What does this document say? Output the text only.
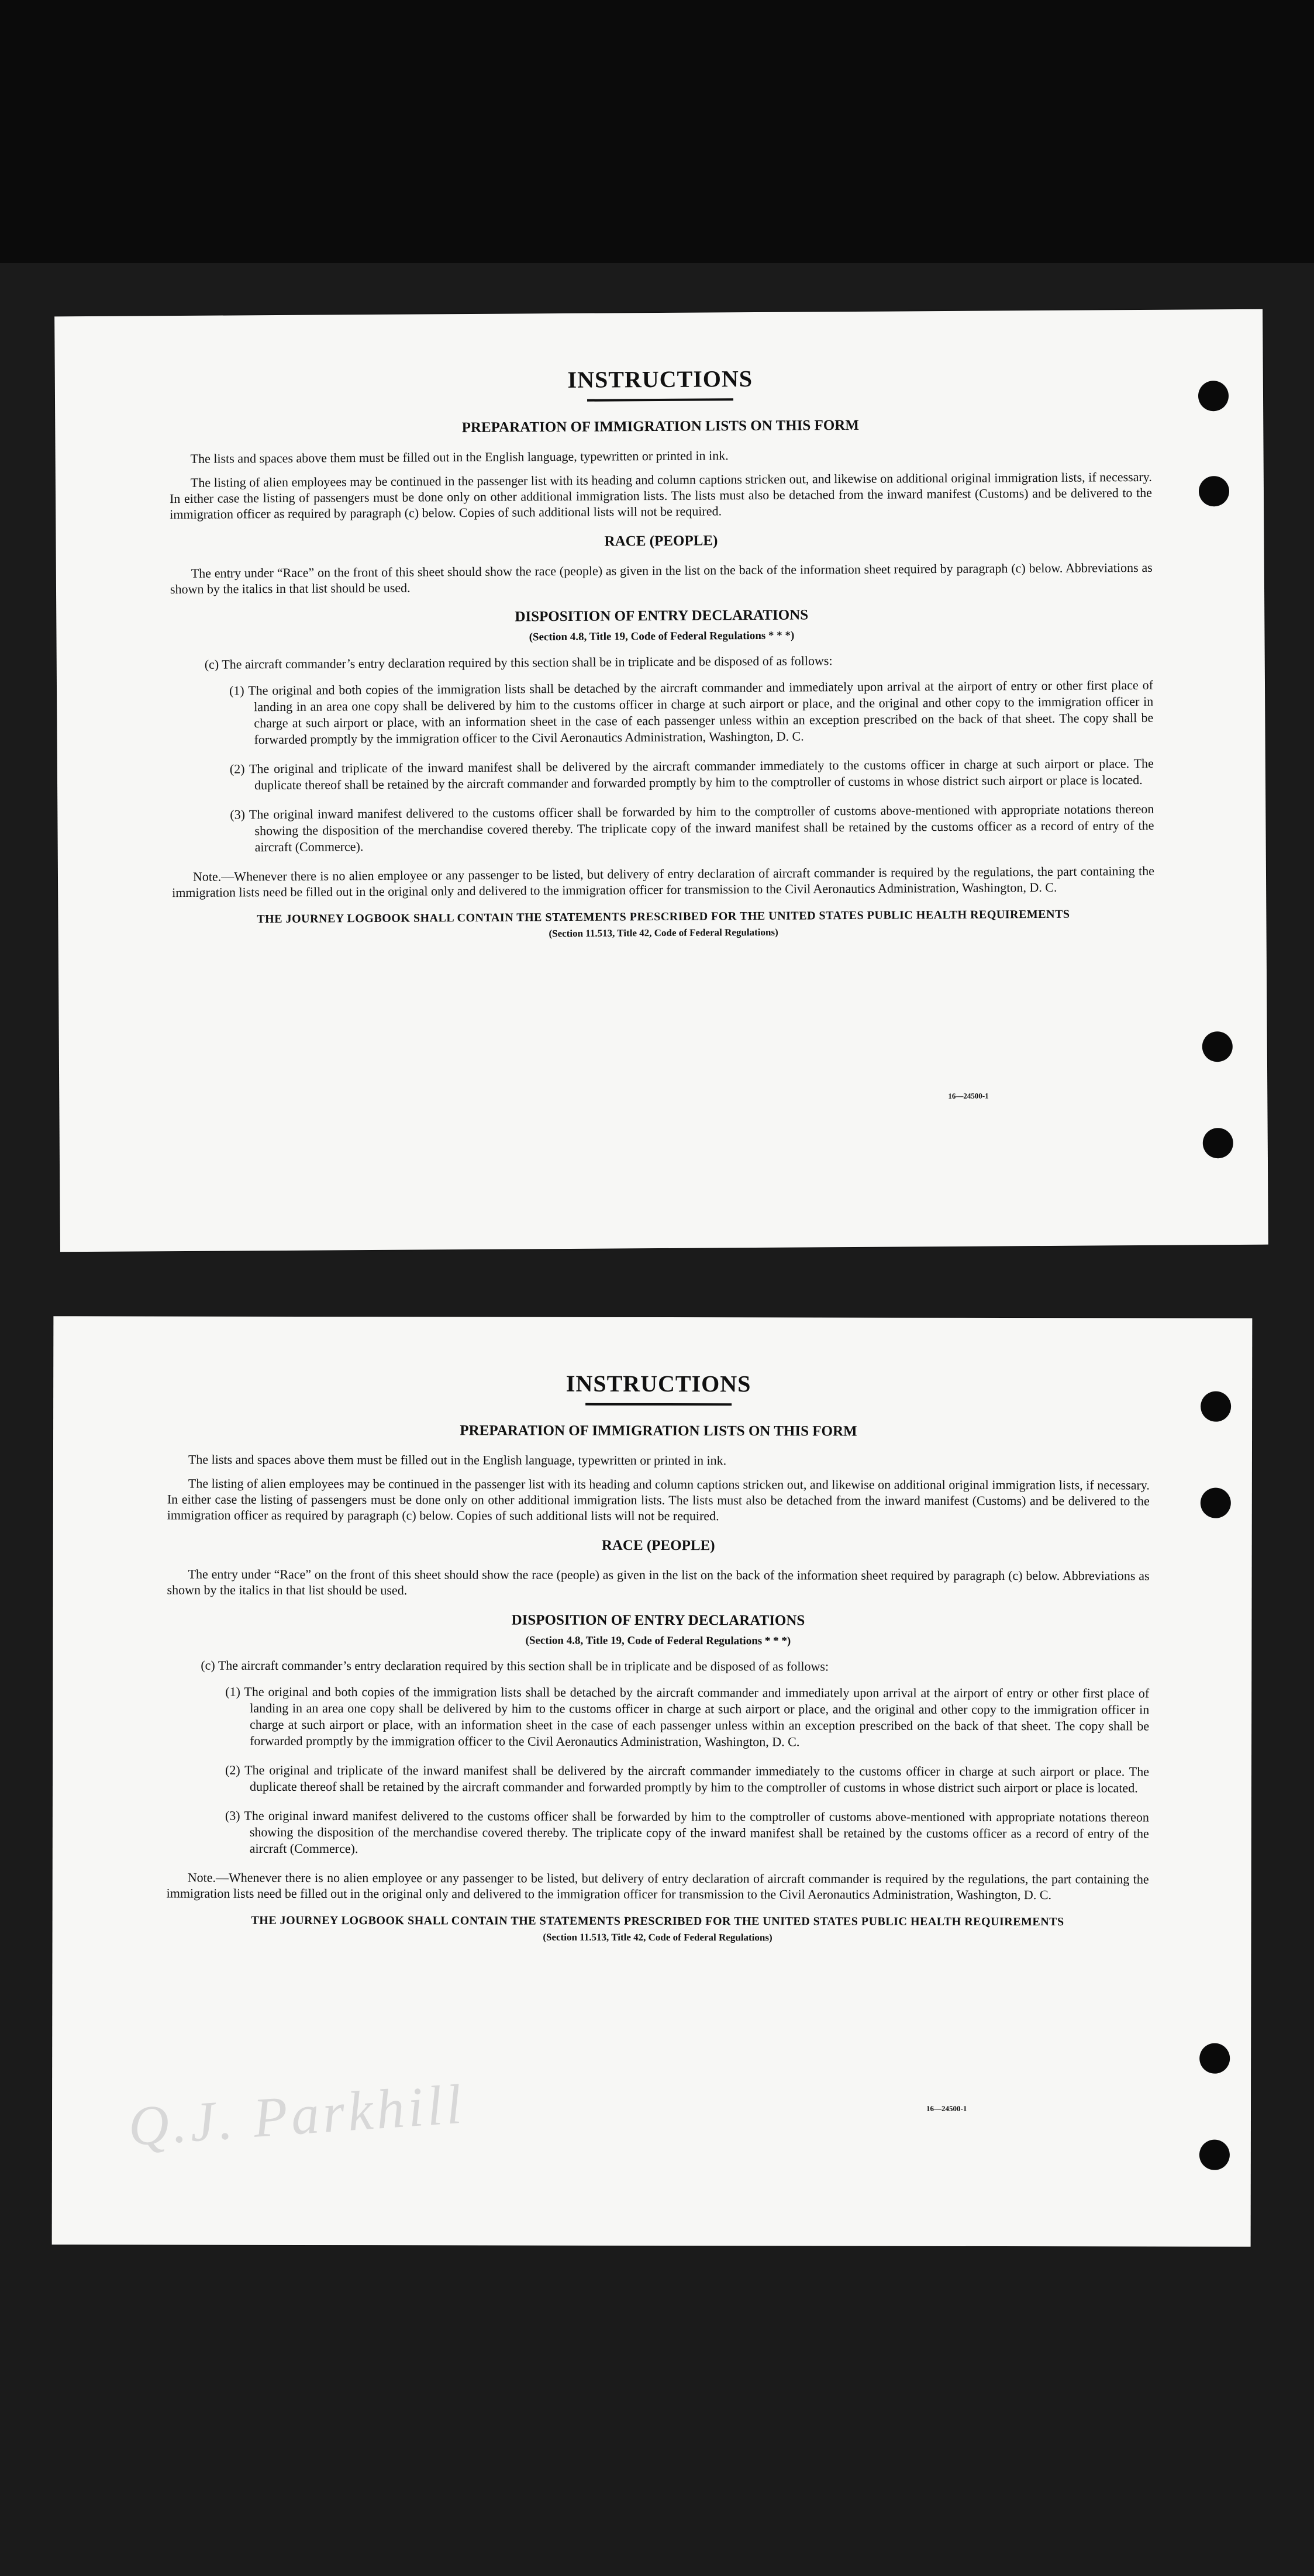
INSTRUCTIONS
PREPARATION OF IMMIGRATION LISTS ON THIS FORM
The lists and spaces above them must be filled out in the English language, typewritten or printed in ink.
The listing of alien employees may be continued in the passenger list with its heading and column captions stricken out, and likewise on additional original immigration lists, if necessary. In either case the listing of passengers must be done only on other additional immigration lists. The lists must also be detached from the inward manifest (Customs) and be delivered to the immigration officer as required by paragraph (c) below. Copies of such additional lists will not be required.
RACE (PEOPLE)
The entry under “Race” on the front of this sheet should show the race (people) as given in the list on the back of the information sheet required by paragraph (c) below. Abbreviations as shown by the italics in that list should be used.
DISPOSITION OF ENTRY DECLARATIONS
(Section 4.8, Title 19, Code of Federal Regulations * * *)
(c) The aircraft commander’s entry declaration required by this section shall be in triplicate and be disposed of as follows:
(1) The original and both copies of the immigration lists shall be detached by the aircraft commander and immediately upon arrival at the airport of entry or other first place of landing in an area one copy shall be delivered by him to the customs officer in charge at such airport or place, and the original and other copy to the immigration officer in charge at such airport or place, with an information sheet in the case of each passenger unless within an exception prescribed on the back of that sheet. The copy shall be forwarded promptly by the immigration officer to the Civil Aeronautics Administration, Washington, D. C.
(2) The original and triplicate of the inward manifest shall be delivered by the aircraft commander immediately to the customs officer in charge at such airport or place. The duplicate thereof shall be retained by the aircraft commander and forwarded promptly by him to the comptroller of customs in whose district such airport or place is located.
(3) The original inward manifest delivered to the customs officer shall be forwarded by him to the comptroller of customs above-mentioned with appropriate notations thereon showing the disposition of the merchandise covered thereby. The triplicate copy of the inward manifest shall be retained by the customs officer as a record of entry of the aircraft (Commerce).
Note.—Whenever there is no alien employee or any passenger to be listed, but delivery of entry declaration of aircraft commander is required by the regulations, the part containing the immigration lists need be filled out in the original only and delivered to the immigration officer for transmission to the Civil Aeronautics Administration, Washington, D. C.
THE JOURNEY LOGBOOK SHALL CONTAIN THE STATEMENTS PRESCRIBED FOR THE UNITED STATES PUBLIC HEALTH REQUIREMENTS
(Section 11.513, Title 42, Code of Federal Regulations)
16—24500-1
INSTRUCTIONS
PREPARATION OF IMMIGRATION LISTS ON THIS FORM
The lists and spaces above them must be filled out in the English language, typewritten or printed in ink.
The listing of alien employees may be continued in the passenger list with its heading and column captions stricken out, and likewise on additional original immigration lists, if necessary. In either case the listing of passengers must be done only on other additional immigration lists. The lists must also be detached from the inward manifest (Customs) and be delivered to the immigration officer as required by paragraph (c) below. Copies of such additional lists will not be required.
RACE (PEOPLE)
The entry under “Race” on the front of this sheet should show the race (people) as given in the list on the back of the information sheet required by paragraph (c) below. Abbreviations as shown by the italics in that list should be used.
DISPOSITION OF ENTRY DECLARATIONS
(Section 4.8, Title 19, Code of Federal Regulations * * *)
(c) The aircraft commander’s entry declaration required by this section shall be in triplicate and be disposed of as follows:
(1) The original and both copies of the immigration lists shall be detached by the aircraft commander and immediately upon arrival at the airport of entry or other first place of landing in an area one copy shall be delivered by him to the customs officer in charge at such airport or place, and the original and other copy to the immigration officer in charge at such airport or place, with an information sheet in the case of each passenger unless within an exception prescribed on the back of that sheet. The copy shall be forwarded promptly by the immigration officer to the Civil Aeronautics Administration, Washington, D. C.
(2) The original and triplicate of the inward manifest shall be delivered by the aircraft commander immediately to the customs officer in charge at such airport or place. The duplicate thereof shall be retained by the aircraft commander and forwarded promptly by him to the comptroller of customs in whose district such airport or place is located.
(3) The original inward manifest delivered to the customs officer shall be forwarded by him to the comptroller of customs above-mentioned with appropriate notations thereon showing the disposition of the merchandise covered thereby. The triplicate copy of the inward manifest shall be retained by the customs officer as a record of entry of the aircraft (Commerce).
Note.—Whenever there is no alien employee or any passenger to be listed, but delivery of entry declaration of aircraft commander is required by the regulations, the part containing the immigration lists need be filled out in the original only and delivered to the immigration officer for transmission to the Civil Aeronautics Administration, Washington, D. C.
THE JOURNEY LOGBOOK SHALL CONTAIN THE STATEMENTS PRESCRIBED FOR THE UNITED STATES PUBLIC HEALTH REQUIREMENTS
(Section 11.513, Title 42, Code of Federal Regulations)
16—24500-1
Q.J. Parkhill
